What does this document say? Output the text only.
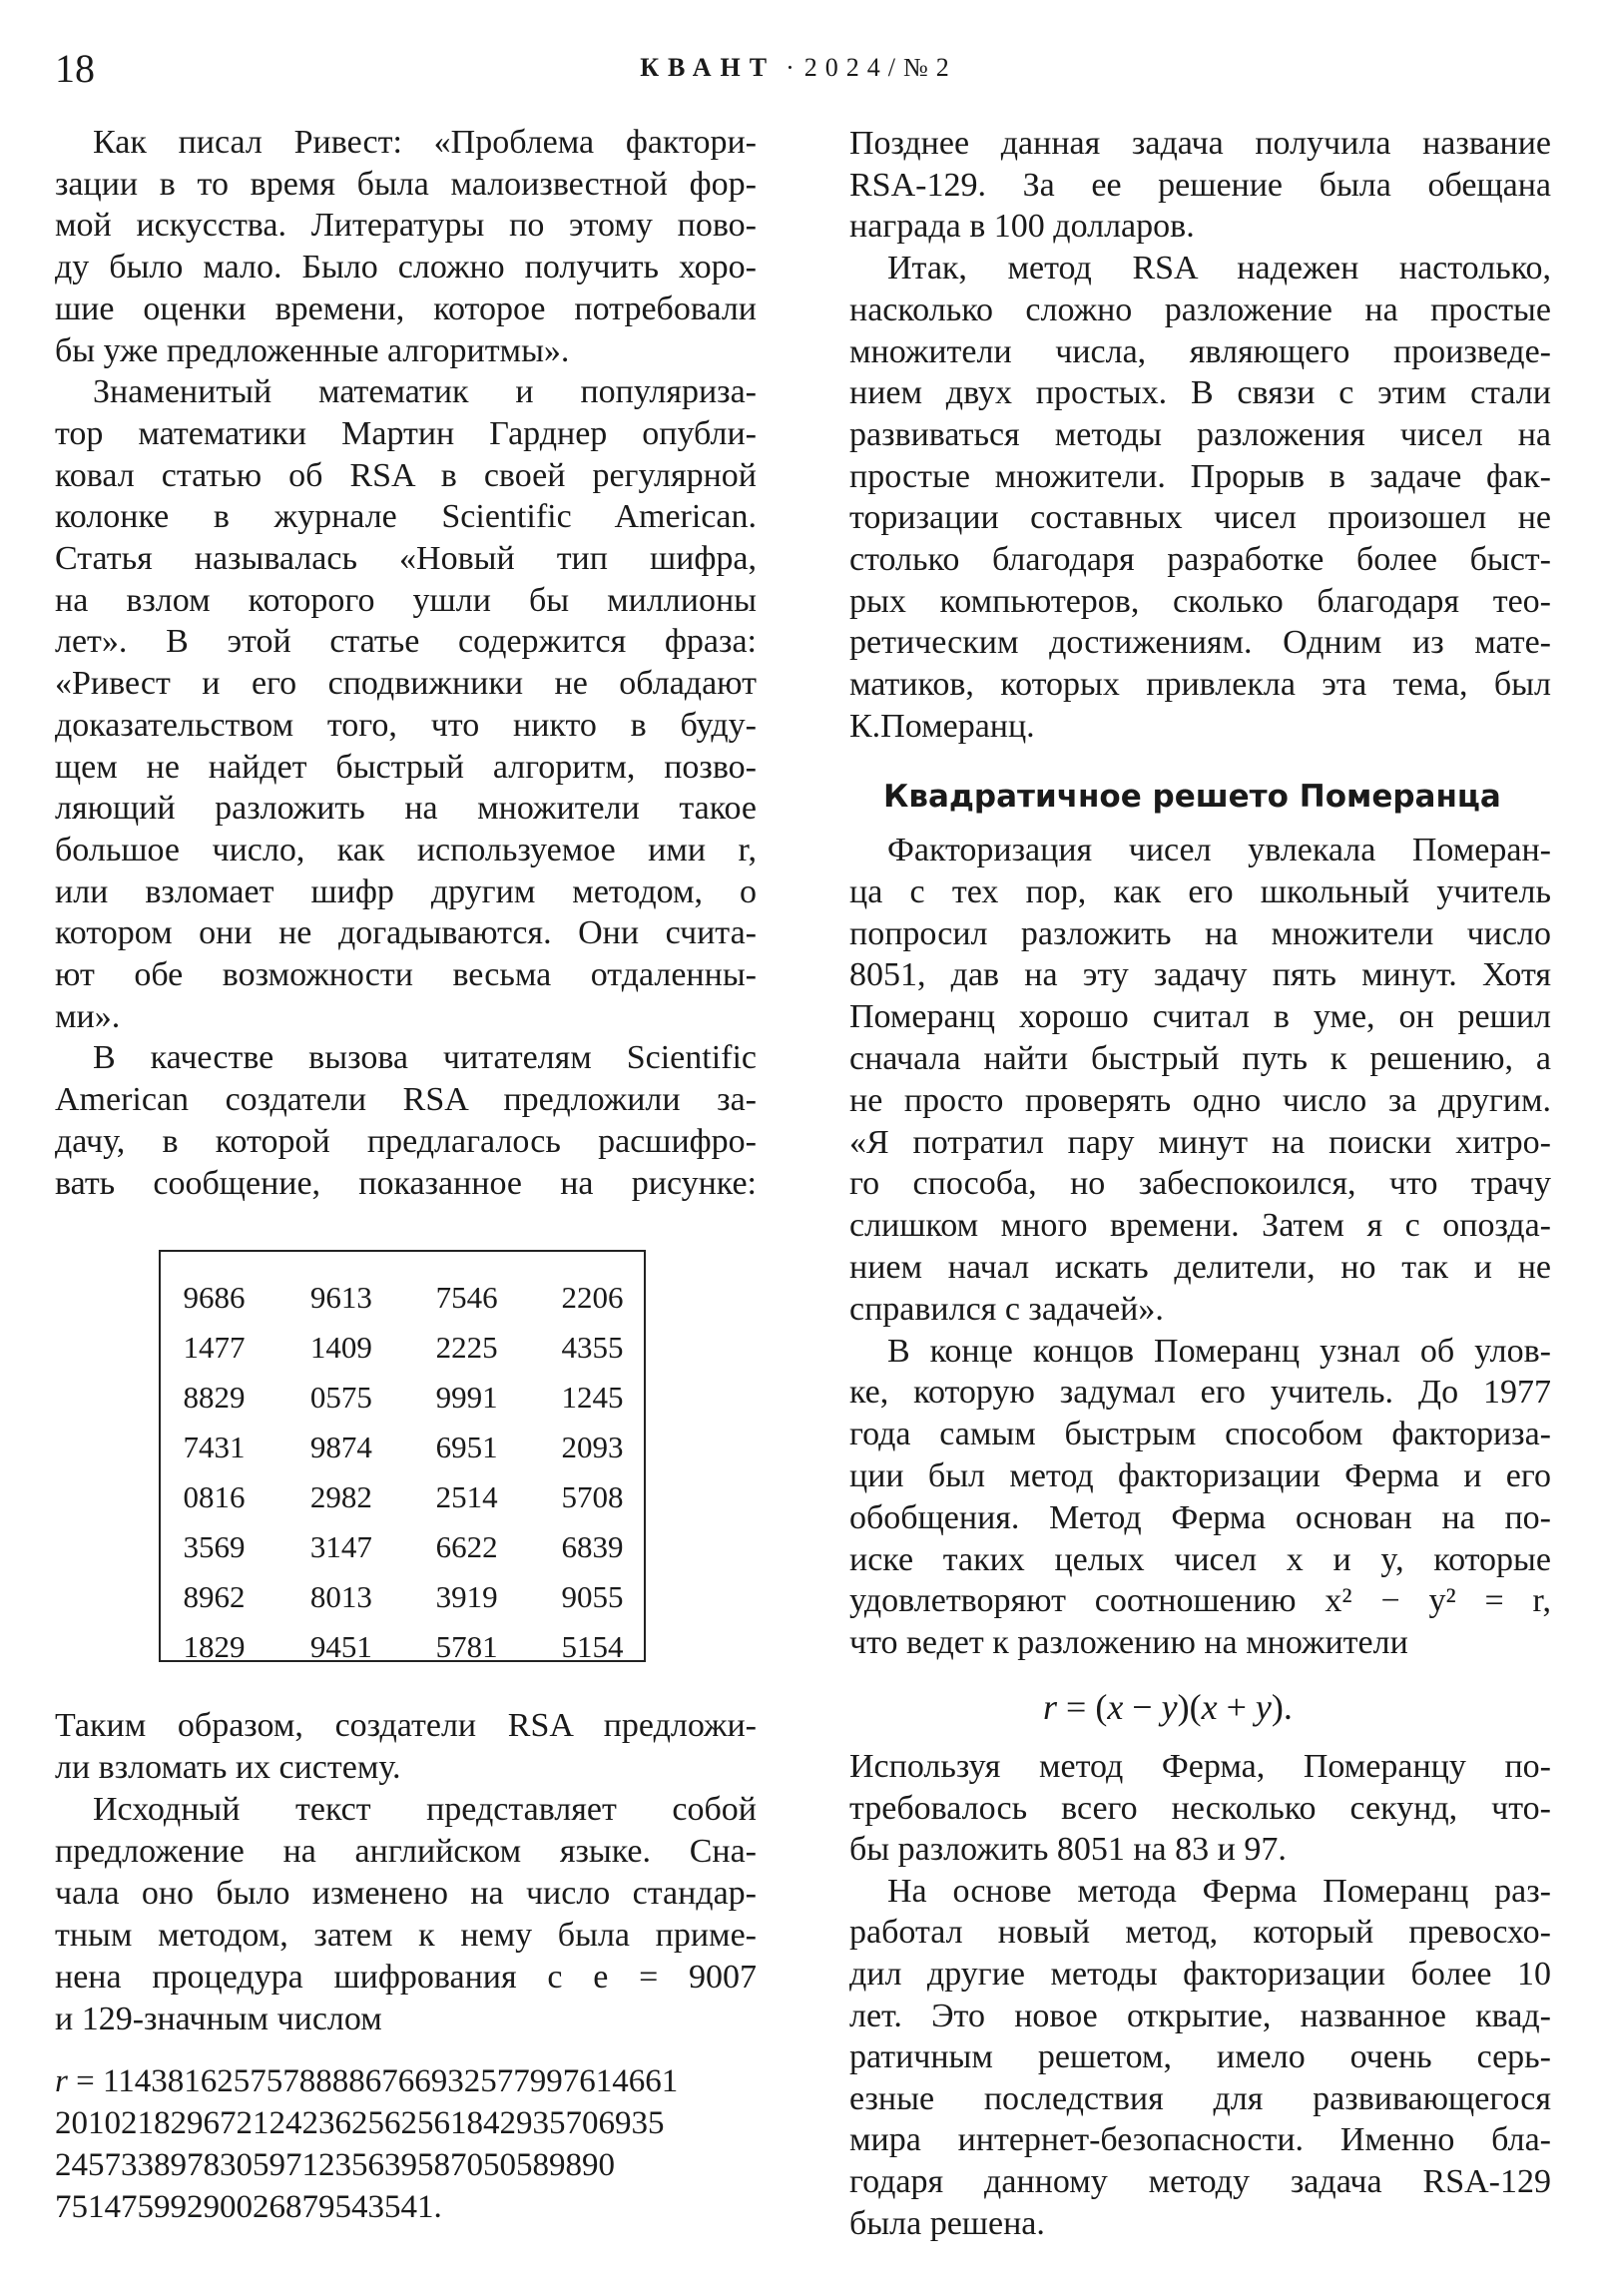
18	КВАНТ · 2024/№2
Как писал Ривест: «Проблема фактори-
зации в то время была малоизвестной фор-
мой искусства. Литературы по этому пово-
ду было мало. Было сложно получить хоро-
шие оценки времени, которое потребовали
бы уже предложенные алгоритмы».
Знаменитый математик и популяриза-
тор математики Мартин Гарднер опубли-
ковал статью об RSA в своей регулярной
колонке в журнале Scientific American.
Статья называлась «Новый тип шифра,
на взлом которого ушли бы миллионы
лет». В этой статье содержится фраза:
«Ривест и его сподвижники не обладают
доказательством того, что никто в буду-
щем не найдет быстрый алгоритм, позво-
ляющий разложить на множители такое
большое число, как используемое ими r,
или взломает шифр другим методом, о
котором они не догадываются. Они счита-
ют обе возможности весьма отдаленны-
ми».
В качестве вызова читателям Scientific
American создатели RSA предложили за-
дачу, в которой предлагалось расшифро-
вать сообщение, показанное на рисунке:
Таким образом, создатели RSA предложи-
ли взломать их систему.
Исходный текст представляет собой
предложение на английском языке. Сна-
чала оно было изменено на число стандар-
тным методом, затем к нему была приме-
нена процедура шифрования с e = 9007
и 129-значным числом
r = 11438162575788886766932577997614661
2010218296721242362562561842935706935
2457338978305971235639587050589890
75147599290026879543541.
9686 9613 7546 2206
1477 1409 2225 4355
8829 0575 9991 1245
7431 9874 6951 2093
0816 2982 2514 5708
3569 3147 6622 6839
8962 8013 3919 9055
1829 9451 5781 5154
Позднее данная задача получила название
RSA-129. За ее решение была обещана
награда в 100 долларов.
Итак, метод RSA надежен настолько,
насколько сложно разложение на простые
множители числа, являющего произведе-
нием двух простых. В связи с этим стали
развиваться методы разложения чисел на
простые множители. Прорыв в задаче фак-
торизации составных чисел произошел не
столько благодаря разработке более быст-
рых компьютеров, сколько благодаря тео-
ретическим достижениям. Одним из мате-
матиков, которых привлекла эта тема, был
К.Померанц.
Квадратичное решето Померанца
Факторизация чисел увлекала Померан-
ца с тех пор, как его школьный учитель
попросил разложить на множители число
8051, дав на эту задачу пять минут. Хотя
Померанц хорошо считал в уме, он решил
сначала найти быстрый путь к решению, а
не просто проверять одно число за другим.
«Я потратил пару минут на поиски хитро-
го способа, но забеспокоился, что трачу
слишком много времени. Затем я с опозда-
нием начал искать делители, но так и не
справился с задачей».
В конце концов Померанц узнал об улов-
ке, которую задумал его учитель. До 1977
года самым быстрым способом факториза-
ции был метод факторизации Ферма и его
обобщения. Метод Ферма основан на по-
иске таких целых чисел x и y, которые
удовлетворяют соотношению x² − y² = r,
что ведет к разложению на множители
r = (x − y)(x + y).
Используя метод Ферма, Померанцу по-
требовалось всего несколько секунд, что-
бы разложить 8051 на 83 и 97.
На основе метода Ферма Померанц раз-
работал новый метод, который превосхо-
дил другие методы факторизации более 10
лет. Это новое открытие, названное квад-
ратичным решетом, имело очень серь-
езные последствия для развивающегося
мира интернет-безопасности. Именно бла-
годаря данному методу задача RSA-129
была решена.
